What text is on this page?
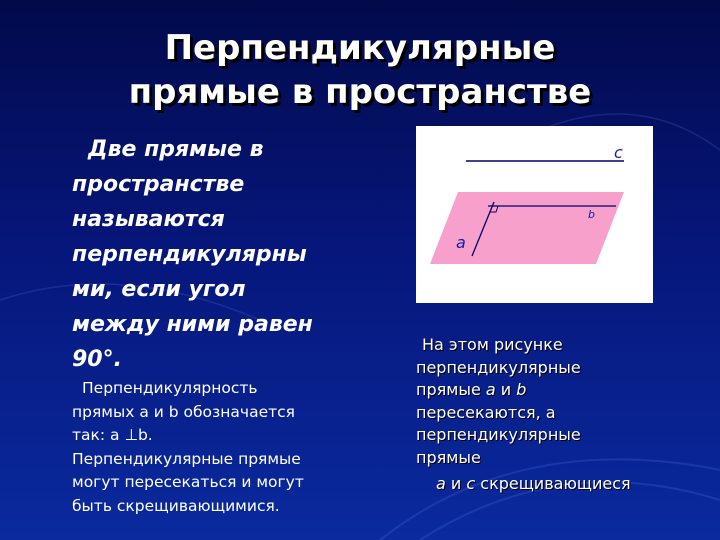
Перпендикулярные
прямые в пространстве
Две прямые в
пространстве
называются
перпендикулярны
ми, если угол
между ними равен
90°.
Перпендикулярность
прямых а и b обозначается
так: а ⊥b.
Перпендикулярные прямые
могут пересекаться и могут
быть скрещивающимися.
c
b
a
На этом рисунке
перпендикулярные
прямые а и b
пересекаются, а
перпендикулярные
прямые
а и с скрещивающиеся
